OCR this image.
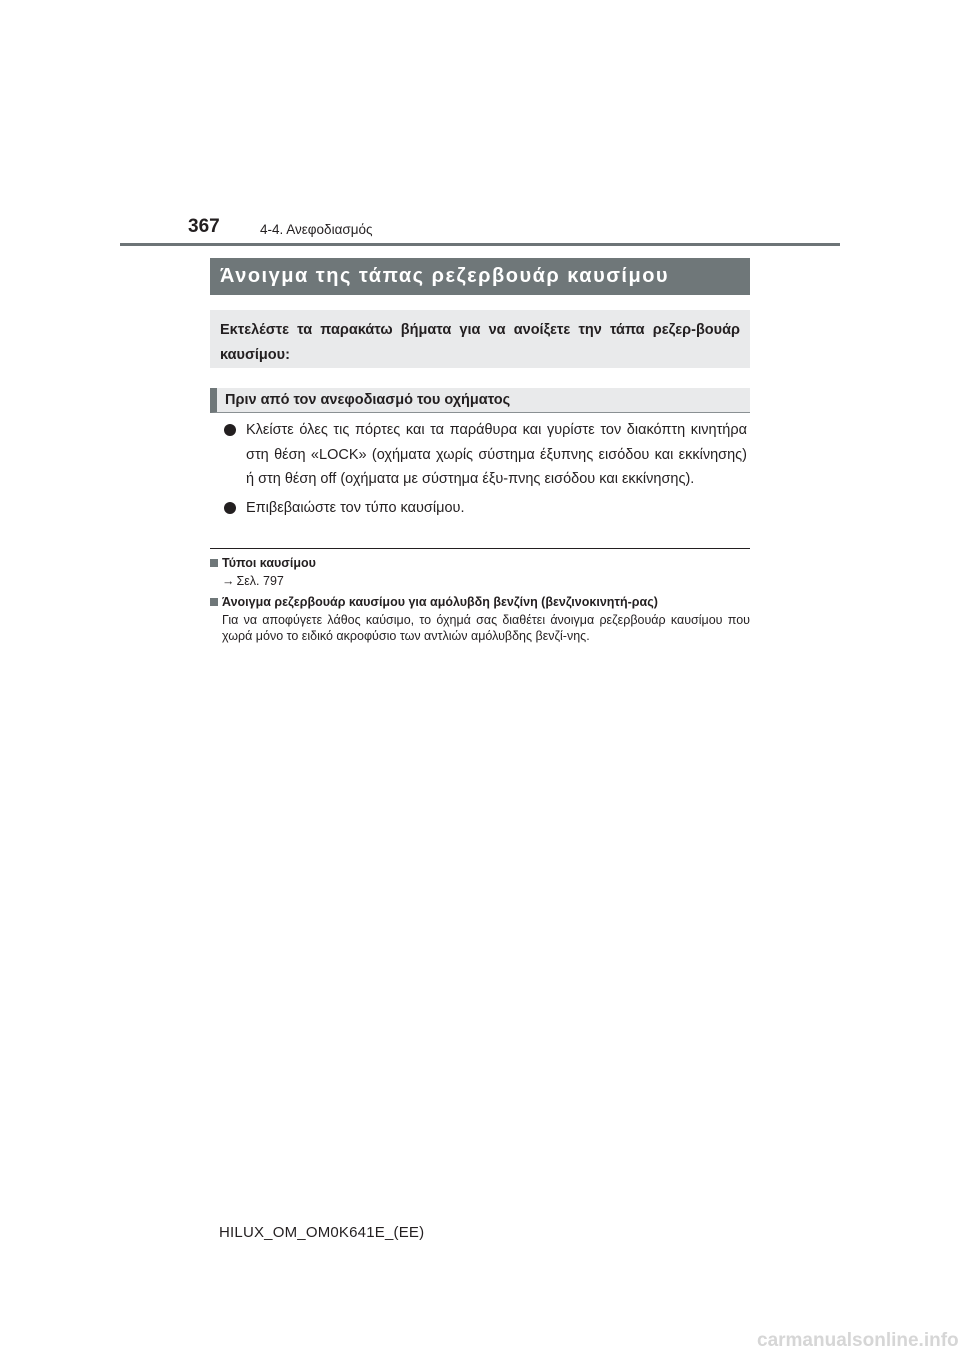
367	4-4. Ανεφοδιασμός
Άνοιγμα της τάπας ρεζερβουάρ καυσίμου
Εκτελέστε τα παρακάτω βήματα για να ανοίξετε την τάπα ρεζερ-βουάρ καυσίμου:
Πριν από τον ανεφοδιασμό του οχήματος
Κλείστε όλες τις πόρτες και τα παράθυρα και γυρίστε τον διακόπτη κινητήρα στη θέση «LOCK» (οχήματα χωρίς σύστημα έξυπνης εισόδου και εκκίνησης) ή στη θέση off (οχήματα με σύστημα έξυ-πνης εισόδου και εκκίνησης).
Επιβεβαιώστε τον τύπο καυσίμου.
Τύποι καυσίμου
→ Σελ. 797
Άνοιγμα ρεζερβουάρ καυσίμου για αμόλυβδη βενζίνη (βενζινοκινητή-ρας)
Για να αποφύγετε λάθος καύσιμο, το όχημά σας διαθέτει άνοιγμα ρεζερβουάρ καυσίμου που χωρά μόνο το ειδικό ακροφύσιο των αντλιών αμόλυβδης βενζί-νης.
HILUX_OM_OM0K641E_(EE)
carmanualsonline.info
